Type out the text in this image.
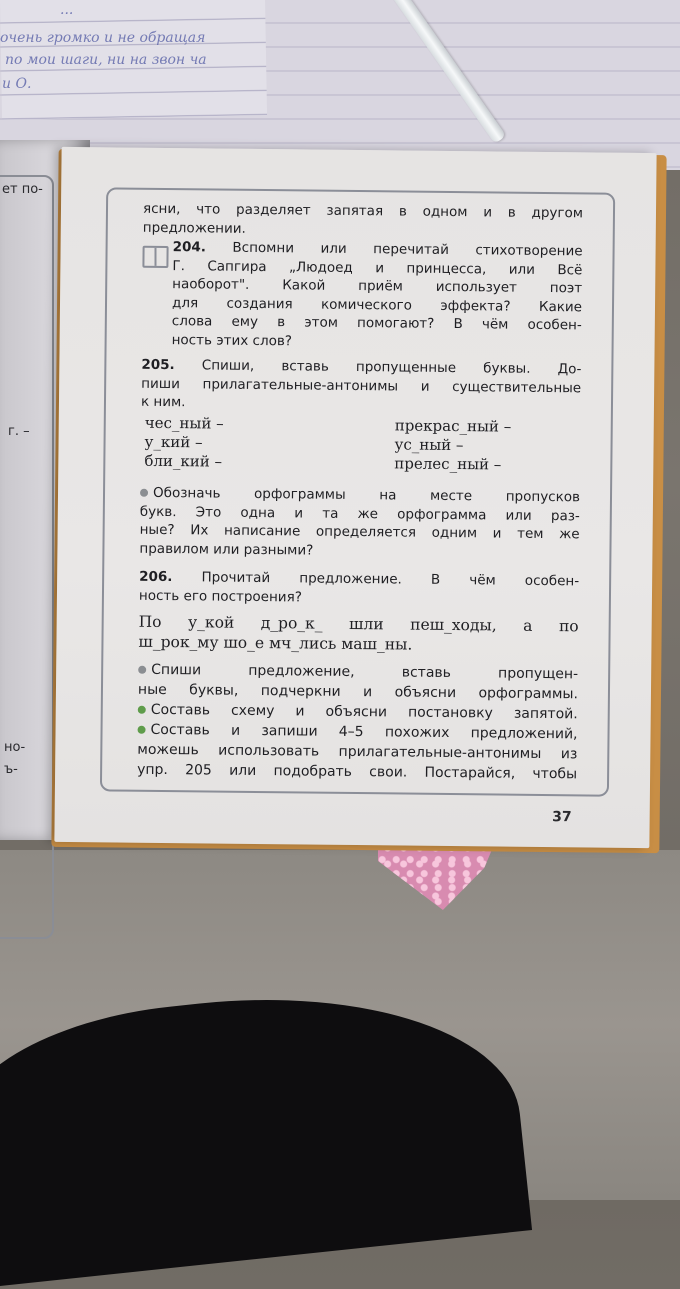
...
очень громко и не обращая
по мои шаги, ни на звон ча
и О.
ет по-
г. –
но-
ъ-
ясни, что разделяет запятая в одном и в другом
предложении.
204. Вспомни или перечитай стихотворение
Г. Сапгира „Людоед и принцесса, или Всё
наоборот". Какой приём использует поэт
для создания комического эффекта? Какие
слова ему в этом помогают? В чём особен-
ность этих слов?
205. Спиши, вставь пропущенные буквы. До-
пиши прилагательные-антонимы и существительные
к ним.
чес_ный –
у_кий –
бли_кий –
прекрас_ный –
ус_ный –
прелес_ный –
Обозначь орфограммы на месте пропусков
букв. Это одна и та же орфограмма или раз-
ные? Их написание определяется одним и тем же
правилом или разными?
206. Прочитай предложение. В чём особен-
ность его построения?
По у_кой д_ро_к_ шли пеш_ходы, а по
ш_рок_му шо_е мч_лись маш_ны.
Спиши предложение, вставь пропущен-
ные буквы, подчеркни и объясни орфограммы.
Составь схему и объясни постановку запятой.
Составь и запиши 4–5 похожих предложений,
можешь использовать прилагательные-антонимы из
упр. 205 или подобрать свои. Постарайся, чтобы
37
